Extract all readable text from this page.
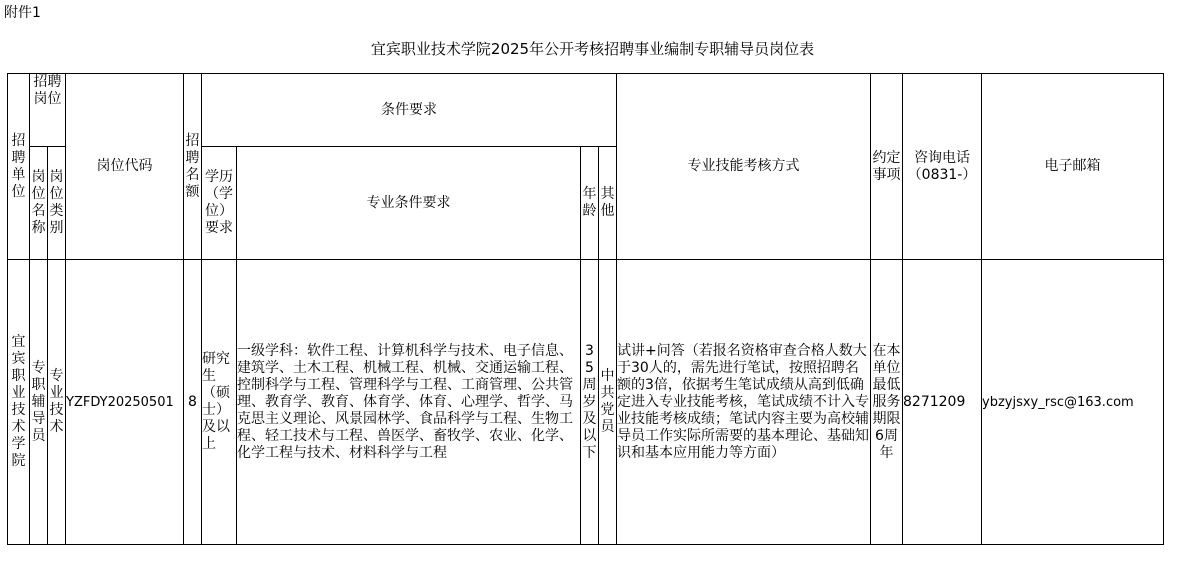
附件1
宜宾职业技术学院2025年公开考核招聘事业编制专职辅导员岗位表
招聘单位	招聘岗位		岗位代码	招聘名额	条件要求				专业技能考核方式	约定事项	咨询电话（0831-）	电子邮箱
	岗位名称	岗位类别			学历（学位）要求	专业条件要求	年龄	其他				
宜宾职业技术学院	专职辅导员	专业技术	YZFDY20250501	8	研究生（硕士）及以上	一级学科：软件工程、计算机科学与技术、电子信息、建筑学、土木工程、机械工程、机械、交通运输工程、控制科学与工程、管理科学与工程、工商管理、公共管理、教育学、教育、体育学、体育、心理学、哲学、马克思主义理论、风景园林学、食品科学与工程、生物工程、轻工技术与工程、兽医学、畜牧学、农业、化学、化学工程与技术、材料科学与工程	35周岁及以下	中共党员	试讲+问答（若报名资格审查合格人数大于30人的，需先进行笔试，按照招聘名额的3倍，依据考生笔试成绩从高到低确定进入专业技能考核，笔试成绩不计入专业技能考核成绩；笔试内容主要为高校辅导员工作实际所需要的基本理论、基础知识和基本应用能力等方面）	在本单位最低服务期限6周年	8271209	ybzyjsxy_rsc@163.com
